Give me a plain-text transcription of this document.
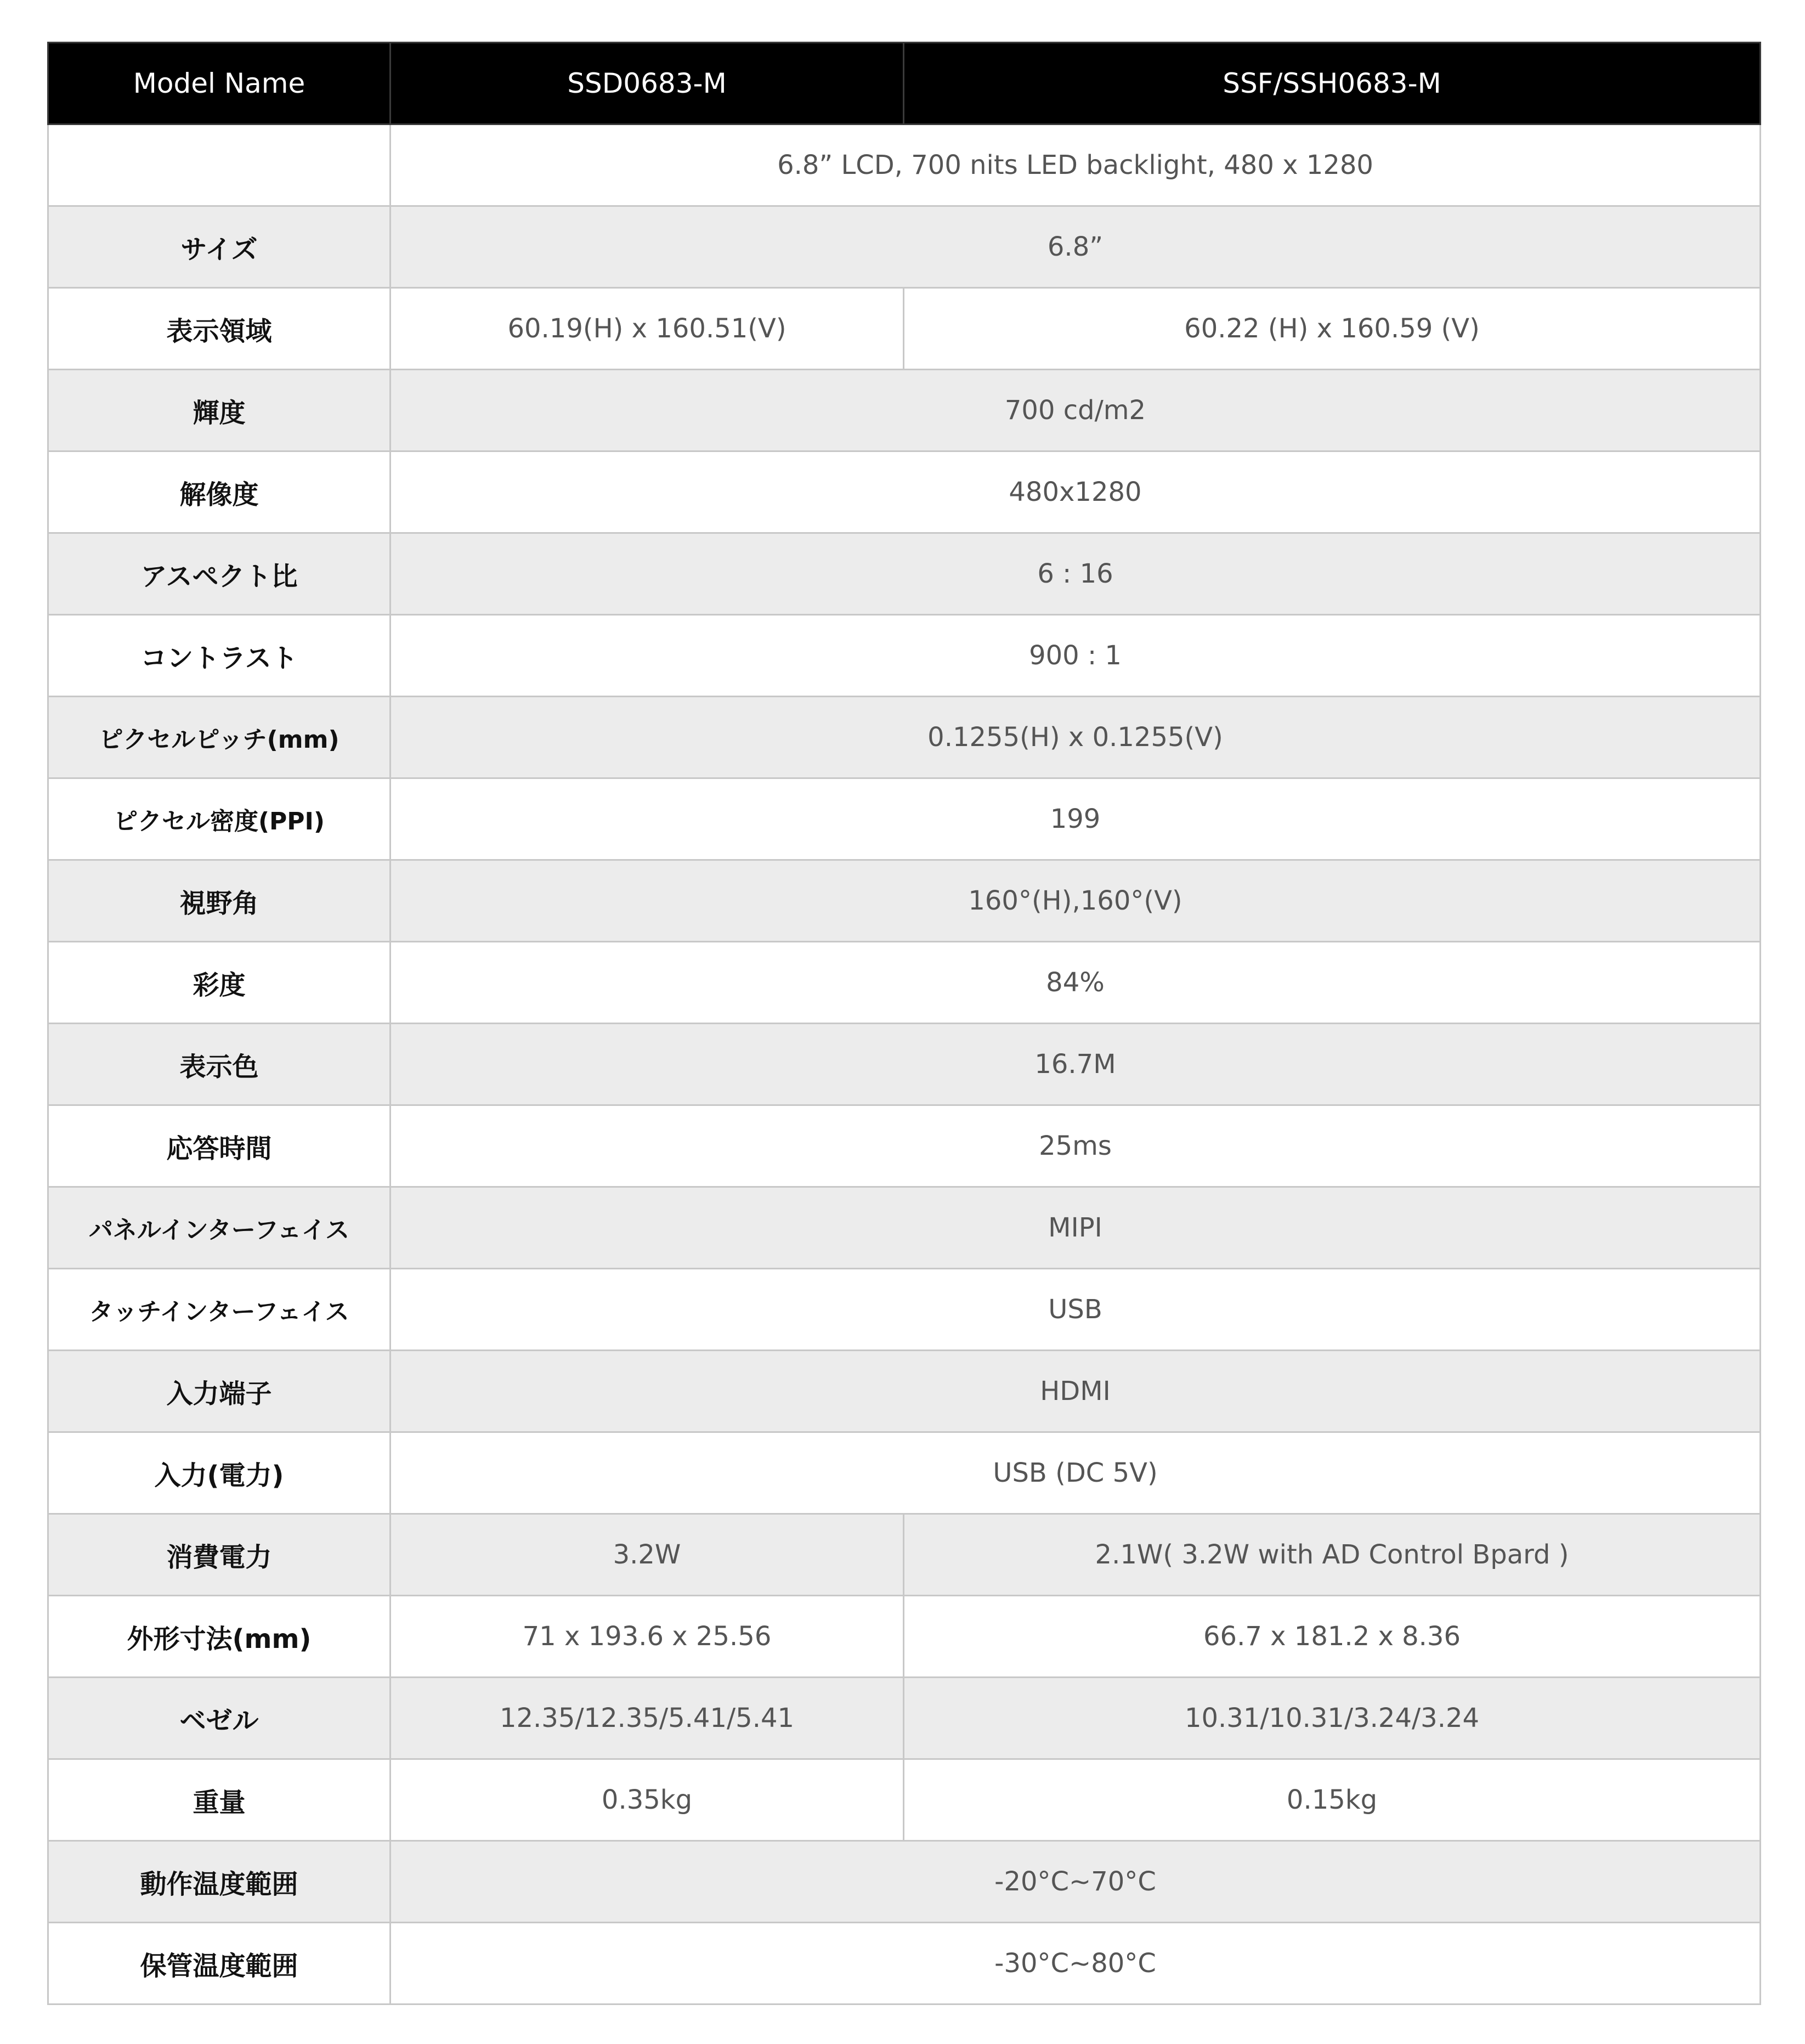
Model Name	SSD0683-M	SSF/SSH0683-M
	6.8” LCD, 700 nits LED backlight, 480 x 1280	
サイズ	6.8”	
表示領域	60.19(H) x 160.51(V)	60.22 (H) x 160.59 (V)
輝度	700 cd/m2	
解像度	480x1280	
アスペクト比	6 : 16	
コントラスト	900 : 1	
ピクセルピッチ(mm)	0.1255(H) x 0.1255(V)	
ピクセル密度(PPI)	199	
視野角	160°(H),160°(V)	
彩度	84%	
表示色	16.7M	
応答時間	25ms	
パネルインターフェイス	MIPI	
タッチインターフェイス	USB	
入力端子	HDMI	
入力(電力)	USB (DC 5V)	
消費電力	3.2W	2.1W( 3.2W with AD Control Bpard )
外形寸法(mm)	71 x 193.6 x 25.56	66.7 x 181.2 x 8.36
ベゼル	12.35/12.35/5.41/5.41	10.31/10.31/3.24/3.24
重量	0.35kg	0.15kg
動作温度範囲	-20°C~70°C	
保管温度範囲	-30°C~80°C	
